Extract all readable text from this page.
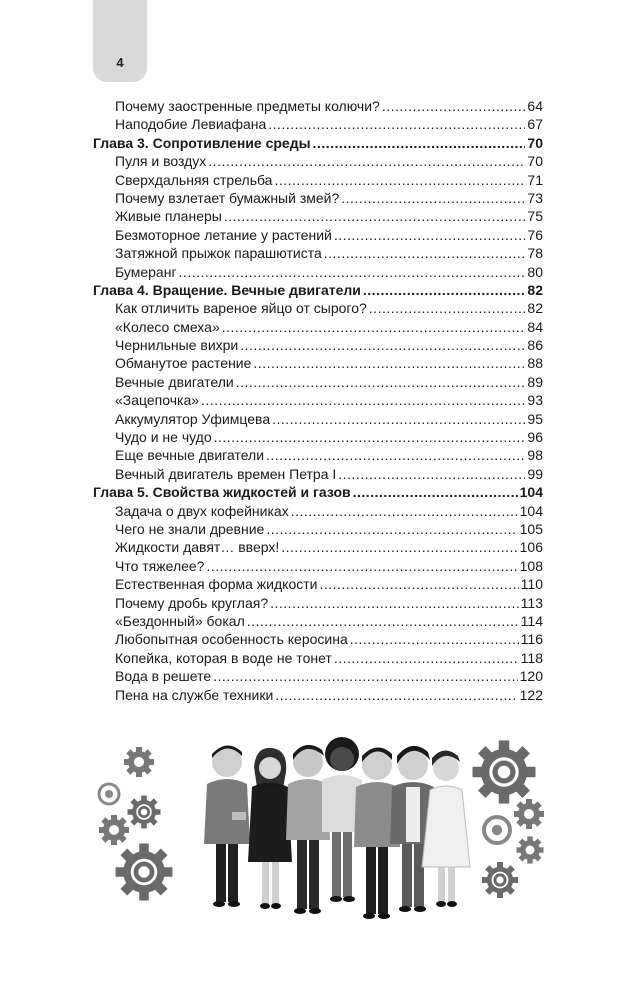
4
Почему заостренные предметы колючи? .....	64
Наподобие Левиафана .....	67
Глава 3. Сопротивление среды .....	70
Пуля и воздух .....	70
Сверхдальняя стрельба .....	71
Почему взлетает бумажный змей? .....	73
Живые планеры .....	75
Безмоторное летание у растений .....	76
Затяжной прыжок парашютиста .....	78
Бумеранг .....	80
Глава 4. Вращение. Вечные двигатели .....	82
Как отличить вареное яйцо от сырого? .....	82
«Колесо смеха» .....	84
Чернильные вихри .....	86
Обманутое растение .....	88
Вечные двигатели .....	89
«Зацепочка» .....	93
Аккумулятор Уфимцева .....	95
Чудо и не чудо .....	96
Еще вечные двигатели .....	98
Вечный двигатель времен Петра I .....	99
Глава 5. Свойства жидкостей и газов .....	104
Задача о двух кофейниках .....	104
Чего не знали древние .....	105
Жидкости давят… вверх! .....	106
Что тяжелее? .....	108
Естественная форма жидкости .....	110
Почему дробь круглая? .....	113
«Бездонный» бокал .....	114
Любопытная особенность керосина .....	116
Копейка, которая в воде не тонет .....	118
Вода в решете .....	120
Пена на службе техники .....	122
